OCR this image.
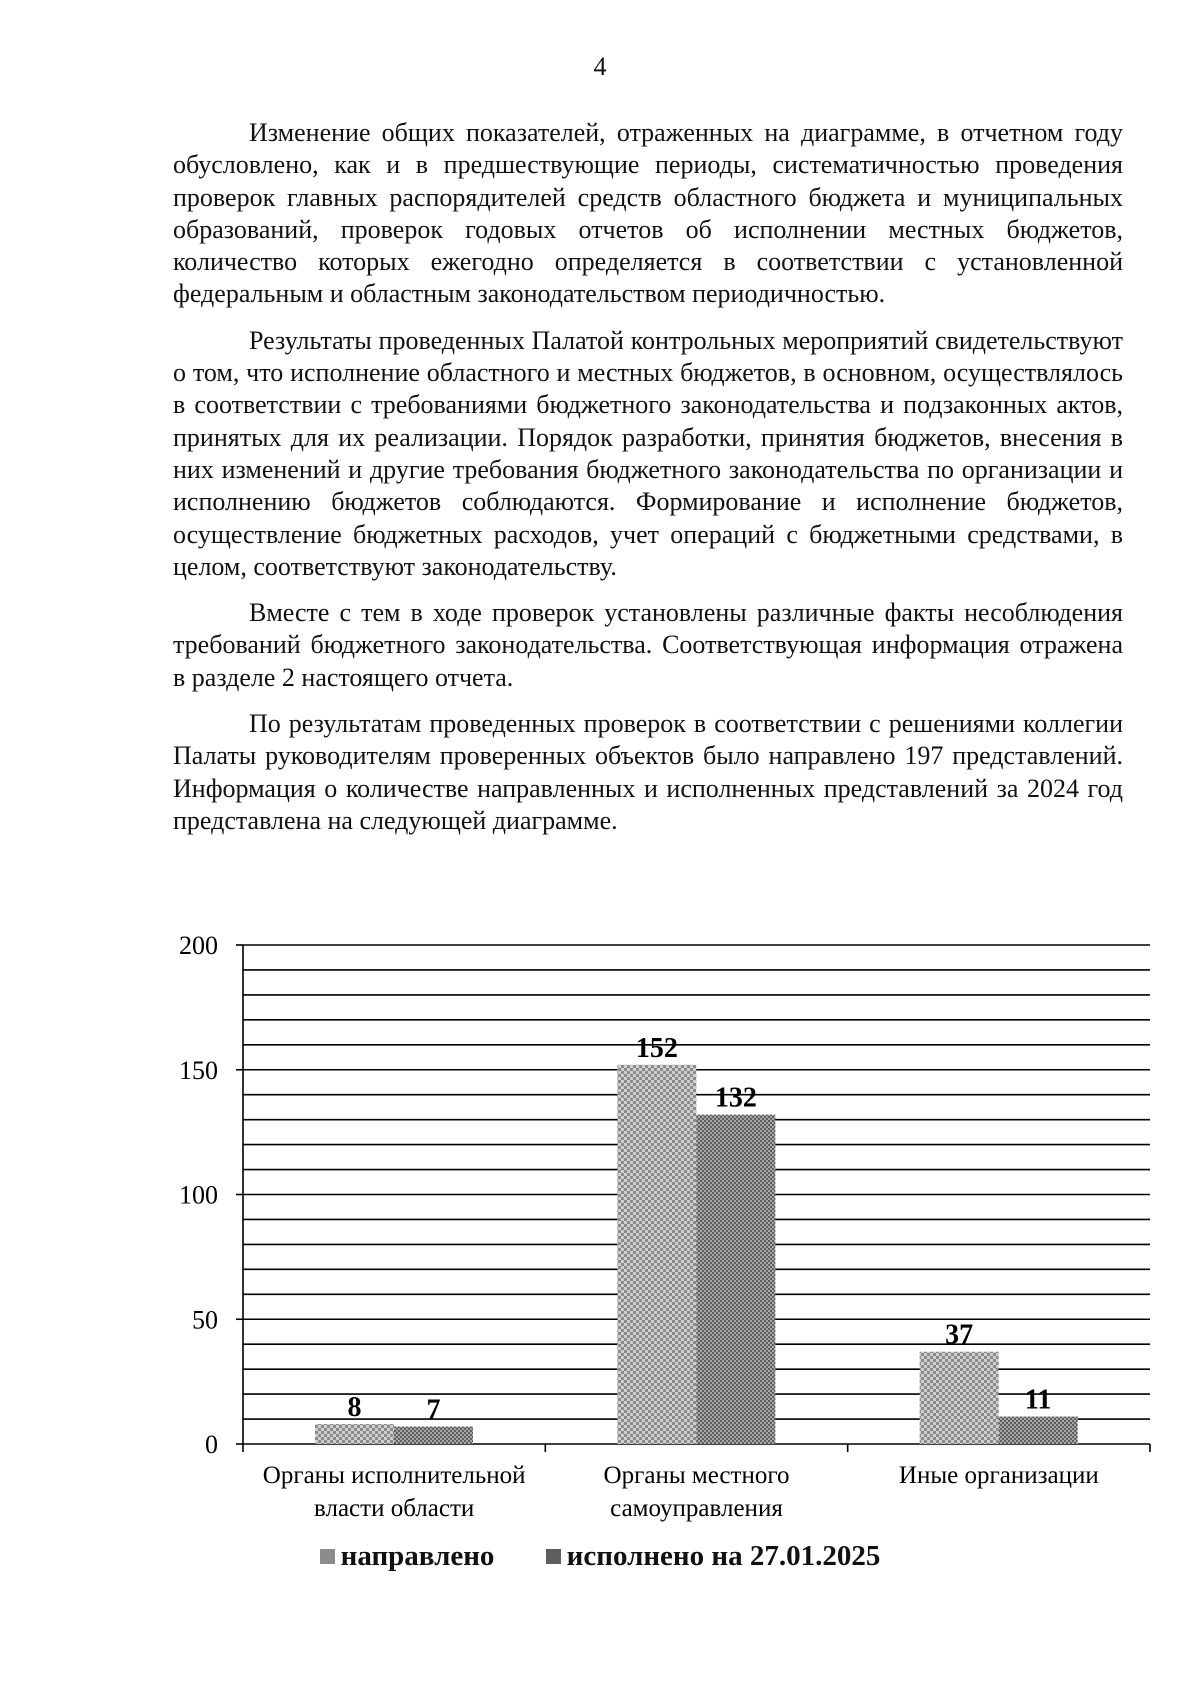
4

Изменение общих показателей, отраженных на диаграмме, в отчетном году обусловлено, как и в предшествующие периоды, систематичностью проведения проверок главных распорядителей средств областного бюджета и муниципальных образований, проверок годовых отчетов об исполнении местных бюджетов, количество которых ежегодно определяется в соответствии с установленной федеральным и областным законодательством периодичностью.

Результаты проведенных Палатой контрольных мероприятий свидетельствуют о том, что исполнение областного и местных бюджетов, в основном, осуществлялось в соответствии с требованиями бюджетного законодательства и подзаконных актов, принятых для их реализации. Порядок разработки, принятия бюджетов, внесения в них изменений и другие требования бюджетного законодательства по организации и исполнению бюджетов соблюдаются. Формирование и исполнение бюджетов, осуществление бюджетных расходов, учет операций с бюджетными средствами, в целом, соответствуют законодательству.

Вместе с тем в ходе проверок установлены различные факты несоблюдения требований бюджетного законодательства. Соответствующая информация отражена в разделе 2 настоящего отчета.

По результатам проведенных проверок в соответствии с решениями коллегии Палаты руководителям проверенных объектов было направлено 197 представлений. Информация о количестве направленных и исполненных представлений за 2024 год представлена на следующей диаграмме.

0
50
100
150
200
Органы исполнительной
власти области
Органы местного
самоуправления
Иные организации
8
152
37
7
132
11
направлено исполнено на 27.01.2025
